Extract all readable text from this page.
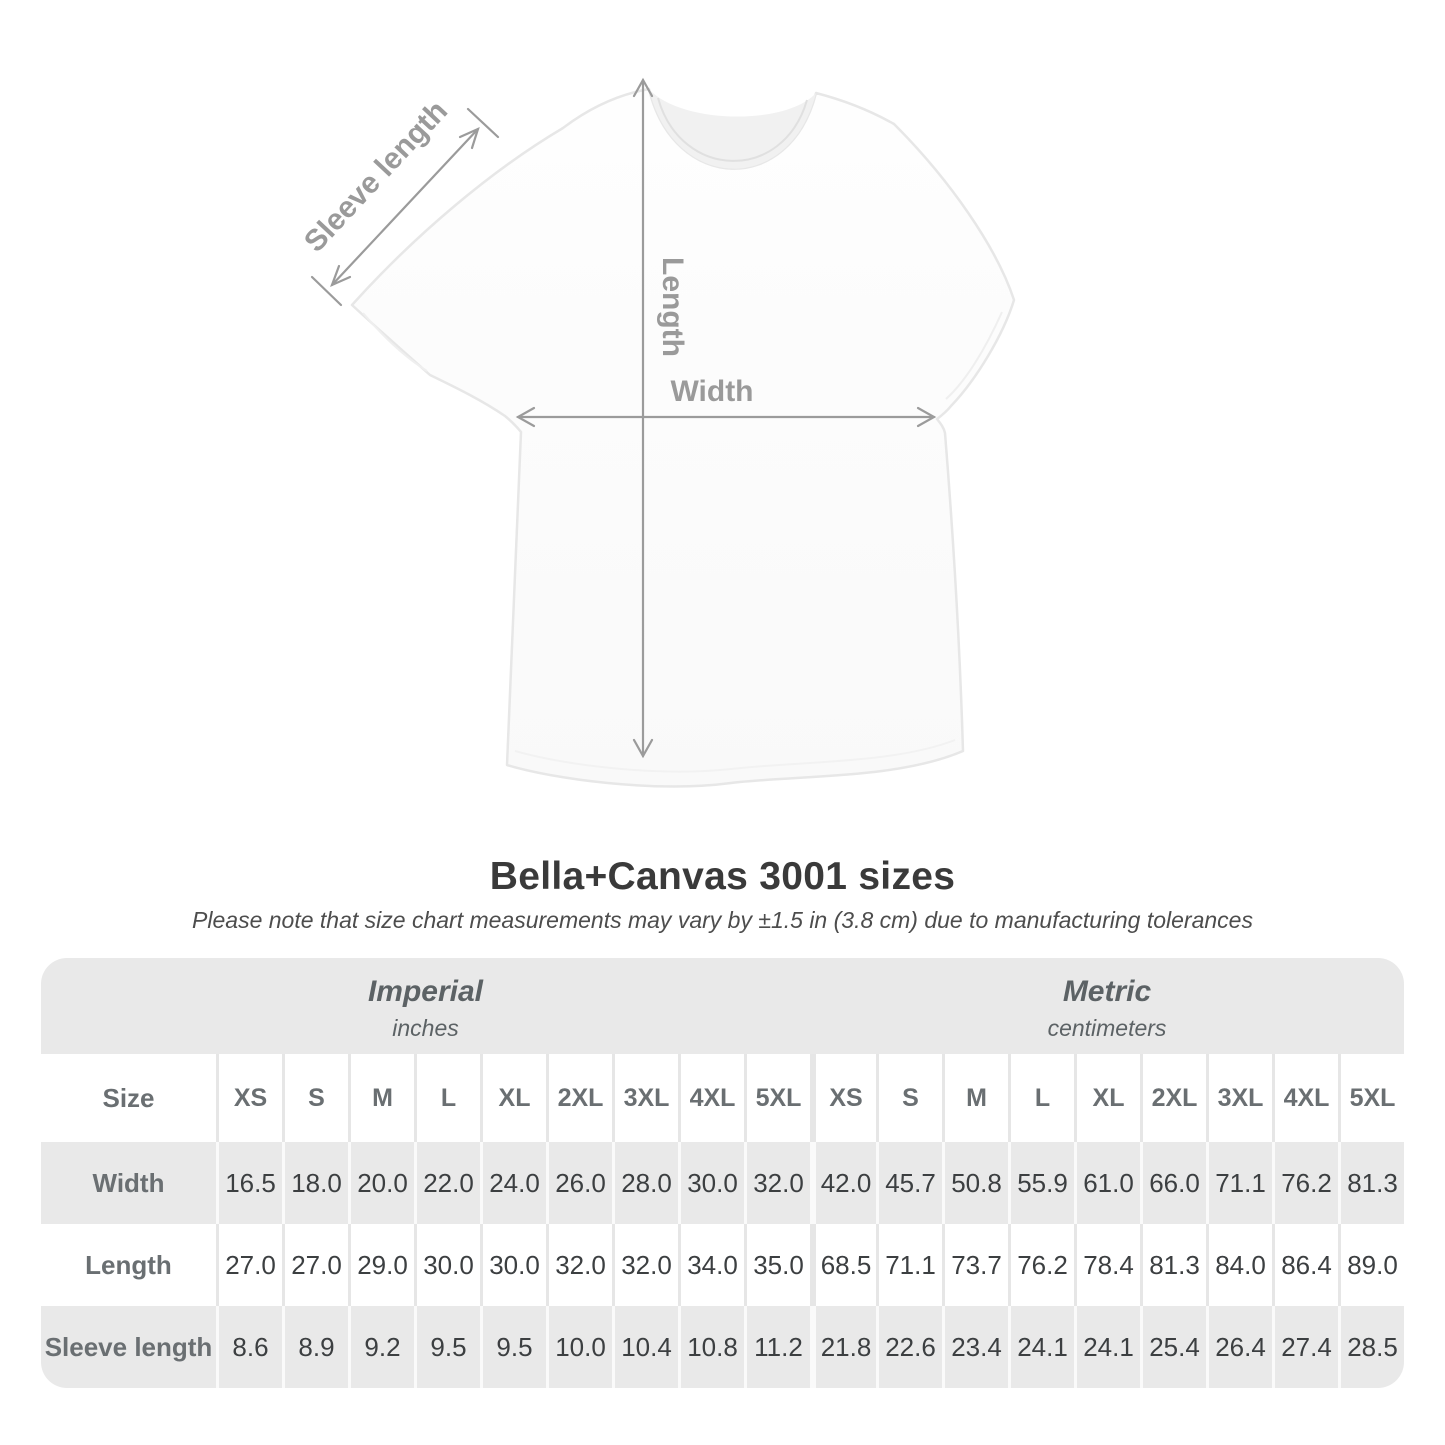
Sleeve length
Length
Width
Bella+Canvas 3001 sizes

Please note that size chart measurements may vary by ±1.5 in (3.8 cm) due to manufacturing tolerances

Imperial
inches
Metric
centimeters
Size	XS	S	M	L	XL	2XL 3XL 4XL 5XL	XS	S	M	L	XL	2XL 3XL 4XL 5XL
Width	16.5 18.0 20.0 22.0 24.0 26.0 28.0 30.0 32.0 42.0 45.7 50.8 55.9 61.0 66.0 71.1 76.2 81.3
Length	27.0 27.0 29.0 30.0 30.0 32.0 32.0 34.0 35.0 68.5 71.1 73.7 76.2 78.4 81.3 84.0 86.4 89.0
Sleeve length 8.6	8.9	9.2	9.5	9.5 10.0 10.4 10.8 11.2 21.8 22.6 23.4 24.1 24.1 25.4 26.4 27.4 28.5
